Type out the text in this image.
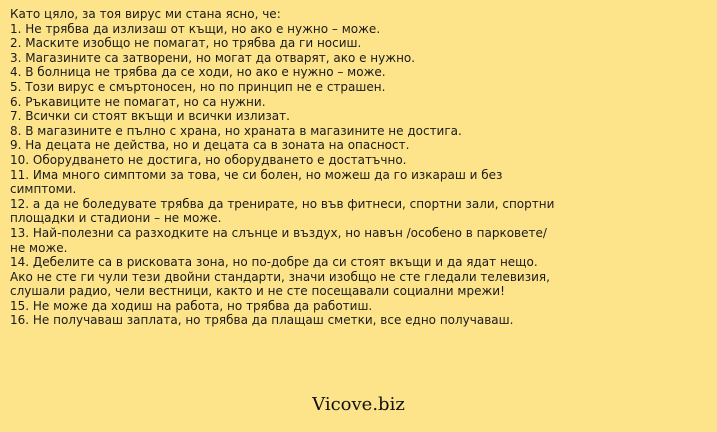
Като цяло, за тоя вирус ми стана ясно, че:
1. Не трябва да излизаш от къщи, но ако е нужно – може.
2. Маските изобщо не помагат, но трябва да ги носиш.
3. Магазините са затворени, но могат да отварят, ако е нужно.
4. В болница не трябва да се ходи, но ако е нужно – може.
5. Този вирус е смъртоносен, но по принцип не е страшен.
6. Ръкавиците не помагат, но са нужни.
7. Всички си стоят вкъщи и всички излизат.
8. В магазините е пълно с храна, но храната в магазините не достига.
9. На децата не действа, но и децата са в зоната на опасност.
10. Оборудването не достига, но оборудването е достатъчно.
11. Има много симптоми за това, че си болен, но можеш да го изкараш и без
симптоми.
12. а да не боледувате трябва да тренирате, но във фитнеси, спортни зали, спортни
площадки и стадиони – не може.
13. Най-полезни са разходките на слънце и въздух, но навън /особено в парковете/
не може.
14. Дебелите са в рисковата зона, но по-добре да си стоят вкъщи и да ядат нещо.
Ако не сте ги чули тези двойни стандарти, значи изобщо не сте гледали телевизия,
слушали радио, чели вестници, както и не сте посещавали социални мрежи!
15. Не може да ходиш на работа, но трябва да работиш.
16. Не получаваш заплата, но трябва да плащаш сметки, все едно получаваш.
Vicove.biz
